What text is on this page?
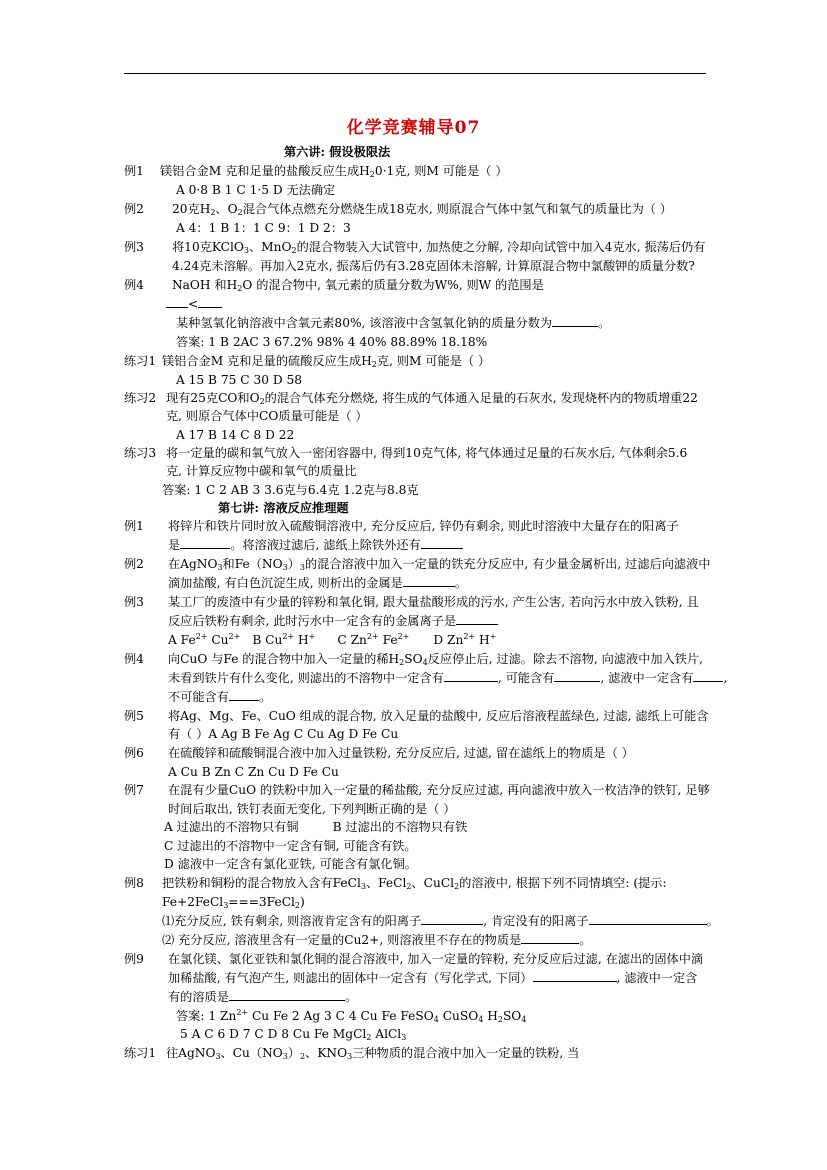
化学竞赛辅导07
第六讲: 假设极限法
例1 镁铝合金M 克和足量的盐酸反应生成$H_20\cdot 1$克, 则M 可能是（ ）
A 0·8 B 1 C 1·5 D 无法确定
例2 20克$H_2$、$O_2$混合气体点燃充分燃烧生成18克水, 则原混合气体中氢气和氧气的质量比为（ ）
A 4：1 B 1：1 C 9：1 D 2：3
例3 将10克KClO$_3$、MnO$_2$的混合物装入大试管中, 加热使之分解, 冷却向试管中加入4克水, 振荡后仍有
4.24克未溶解。再加入2克水, 振荡后仍有3.28克固体未溶解, 计算原混合物中氯酸钾的质量分数?
例4 NaOH 和$H_2O$ 的混合物中, 氧元素的质量分数为W%, 则W 的范围是
<
某种氢氧化钠溶液中含氧元素80%, 该溶液中含氢氧化钠的质量分数为	。
答案: 1 B 2AC 3 67.2% 98% 4 40% 88.89% 18.18%
练习1 镁铝合金M 克和足量的硫酸反应生成$H_2$克, 则M 可能是（ ）
A 15 B 75 C 30 D 58
练习2 现有25克CO和$O_2$的混合气体充分燃烧, 将生成的气体通入足量的石灰水, 发现烧杯内的物质增重22
克, 则原合气体中CO质量可能是（ ）
A 17 B 14 C 8 D 22
练习3 将一定量的碳和氧气放入一密闭容器中, 得到10克气体, 将气体通过足量的石灰水后, 气体剩余5.6
克, 计算反应物中碳和氧气的质量比
答案: 1 C 2 AB 3 3.6克与6.4克 1.2克与8.8克
第七讲: 溶液反应推理题
例1 将锌片和铁片同时放入硫酸铜溶液中, 充分反应后, 锌仍有剩余, 则此时溶液中大量存在的阳离子
是	。将溶液过滤后, 滤纸上除铁外还有
例2 在AgNO$_3$和$Fe(NO_3)_3$的混合溶液中加入一定量的铁充分反应中, 有少量金属析出, 过滤后向滤液中
滴加盐酸, 有白色沉淀生成, 则析出的金属是	。
例3 某工厂的废渣中有少量的锌粉和氧化铜, 跟大量盐酸形成的污水, 产生公害, 若向污水中放入铁粉, 且
反应后铁粉有剩余, 此时污水中一定含有的金属离子是
A $Fe^{2+}$ $Cu^{2+}$ B $Cu^{2+}$ H+ C $Zn^{2+}$ $Fe^{2+}$ D $Zn^{2+}$ H+
例4 向CuO 与Fe 的混合物中加入一定量的稀$H_2SO_4$反应停止后, 过滤。除去不溶物, 向滤液中加入铁片,
未看到铁片有什么变化, 则滤出的不溶物中一定含有	, 可能含有	, 滤液中一定含有 ,
不可能含有 。
例5 将Ag、Mg、Fe、CuO 组成的混合物, 放入足量的盐酸中, 反应后溶液程蓝绿色, 过滤, 滤纸上可能含
有（ ）A Ag B Fe Ag C Cu Ag D Fe Cu
例6 在硫酸锌和硫酸铜混合液中加入过量铁粉, 充分反应后, 过滤, 留在滤纸上的物质是（ ）
A Cu B Zn C Zn Cu D Fe Cu
例7 在混有少量CuO 的铁粉中加入一定量的稀盐酸, 充分反应过滤, 再向滤液中放入一枚洁净的铁钉, 足够
时间后取出, 铁钉表面无变化, 下列判断正确的是（ ）
A 过滤出的不溶物只有铜	B 过滤出的不溶物只有铁
C 过滤出的不溶物中一定含有铜, 可能含有铁。
D 滤液中一定含有氯化亚铁, 可能含有氯化铜。
例8 把铁粉和铜粉的混合物放入含有FeCl$_3$、FeCl$_2$、CuCl$_2$的溶液中, 根据下列不同情填空: (提示:
Fe+2FeCl$_3$===3FeCl$_2$)
⑴充分反应, 铁有剩余, 则溶液肯定含有的阳离子	, 肯定没有的阳离子	。
⑵ 充分反应, 溶液里含有一定量的Cu2+, 则溶液里不存在的物质是	。
例9 在氯化镁、氯化亚铁和氯化铜的混合溶液中, 加入一定量的锌粉, 充分反应后过滤, 在滤出的固体中滴
加稀盐酸, 有气泡产生, 则滤出的固体中一定含有（写化学式, 下同）	, 滤液中一定含
有的溶质是	。
答案: 1 $Zn^{2+}$ Cu Fe 2 Ag 3 C 4 Cu Fe FeSO$_4$ CuSO$_4$ $H_2SO_4$
5 A C 6 D 7 C D 8 Cu Fe MgCl$_2$ AlCl$_3$
练习1 往AgNO$_3$、$Cu(NO_3)_2$、$KNO_3$三种物质的混合液中加入一定量的铁粉, 当
